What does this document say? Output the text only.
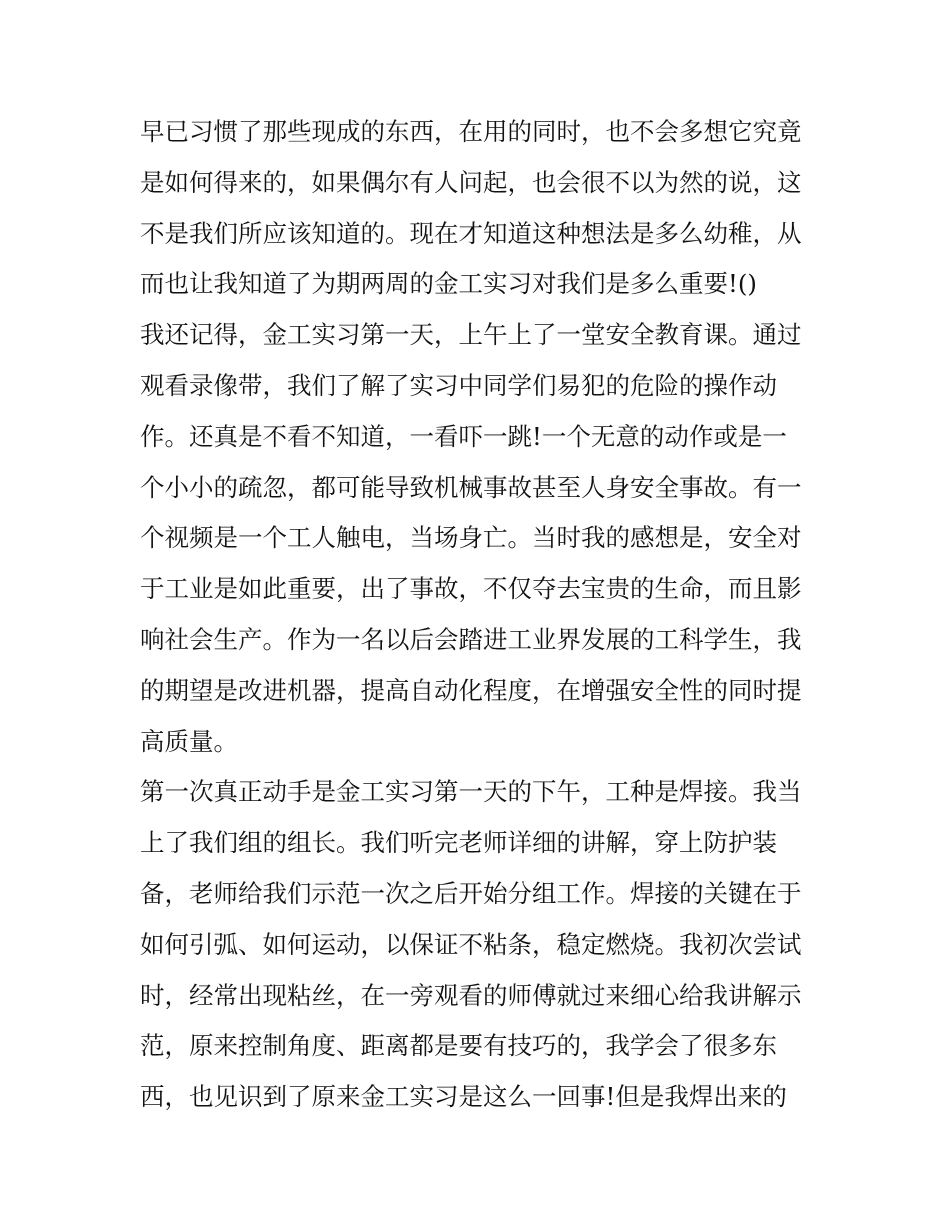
早已习惯了那些现成的东西，在用的同时，也不会多想它究竟
是如何得来的，如果偶尔有人问起，也会很不以为然的说，这
不是我们所应该知道的。现在才知道这种想法是多么幼稚，从
而也让我知道了为期两周的金工实习对我们是多么重要!()
我还记得，金工实习第一天，上午上了一堂安全教育课。通过
观看录像带，我们了解了实习中同学们易犯的危险的操作动
作。还真是不看不知道，一看吓一跳!一个无意的动作或是一
个小小的疏忽，都可能导致机械事故甚至人身安全事故。有一
个视频是一个工人触电，当场身亡。当时我的感想是，安全对
于工业是如此重要，出了事故，不仅夺去宝贵的生命，而且影
响社会生产。作为一名以后会踏进工业界发展的工科学生，我
的期望是改进机器，提高自动化程度，在增强安全性的同时提
高质量。
第一次真正动手是金工实习第一天的下午，工种是焊接。我当
上了我们组的组长。我们听完老师详细的讲解，穿上防护装
备，老师给我们示范一次之后开始分组工作。焊接的关键在于
如何引弧、如何运动，以保证不粘条，稳定燃烧。我初次尝试
时，经常出现粘丝，在一旁观看的师傅就过来细心给我讲解示
范，原来控制角度、距离都是要有技巧的，我学会了很多东
西，也见识到了原来金工实习是这么一回事!但是我焊出来的
